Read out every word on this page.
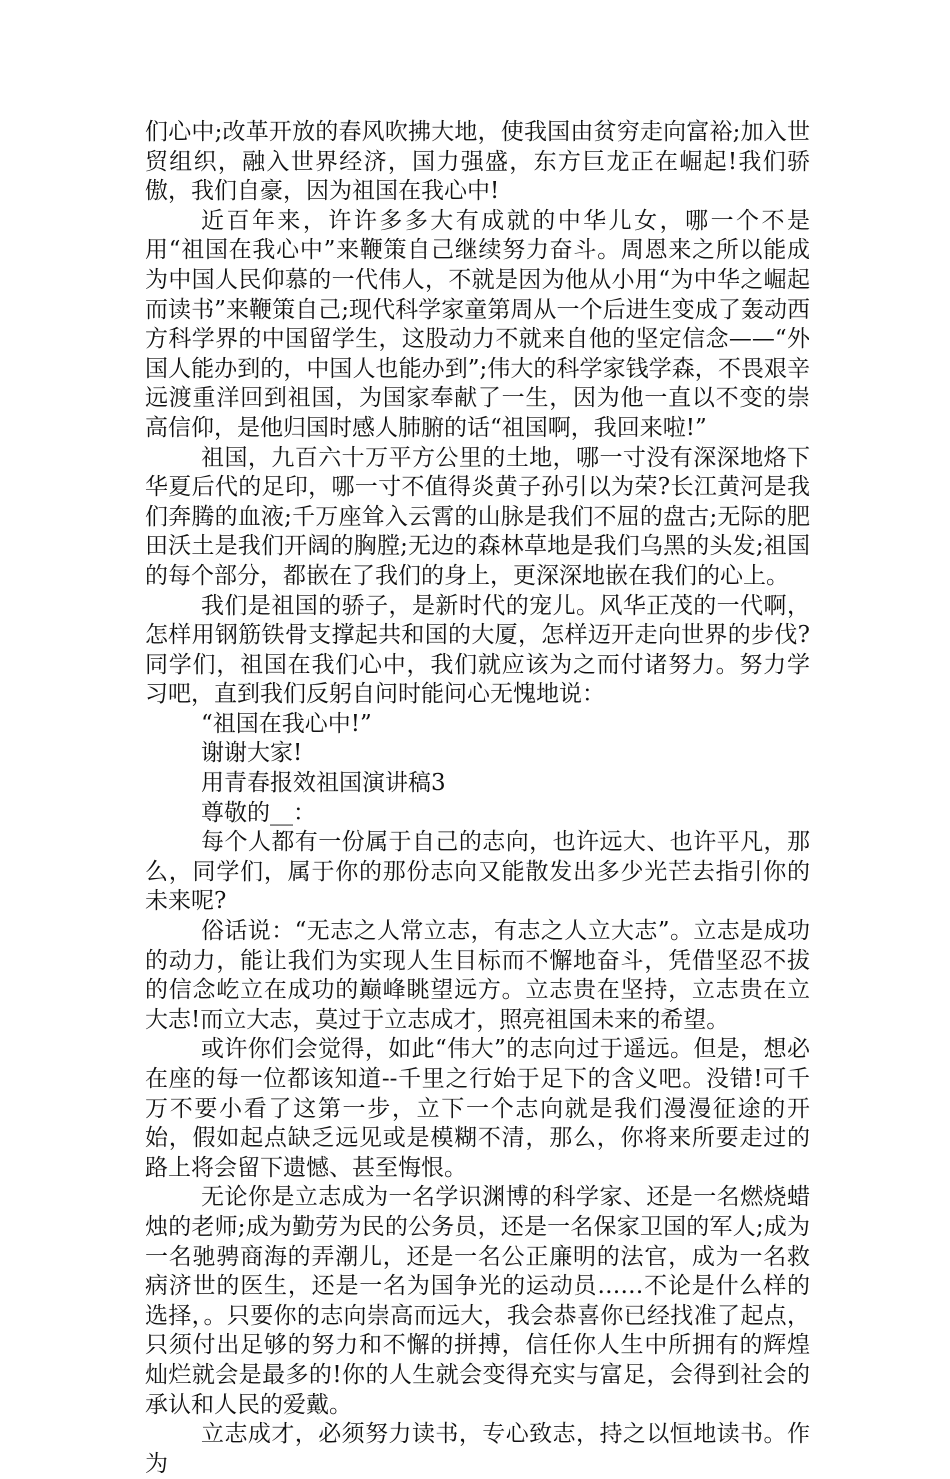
们心中;改革开放的春风吹拂大地，使我国由贫穷走向富裕;加入世贸组织，融入世界经济，国力强盛，东方巨龙正在崛起!我们骄傲，我们自豪，因为祖国在我心中!

近百年来，许许多多大有成就的中华儿女，哪一个不是用“祖国在我心中”来鞭策自己继续努力奋斗。周恩来之所以能成为中国人民仰慕的一代伟人，不就是因为他从小用“为中华之崛起而读书”来鞭策自己;现代科学家童第周从一个后进生变成了轰动西方科学界的中国留学生，这股动力不就来自他的坚定信念——“外国人能办到的，中国人也能办到”;伟大的科学家钱学森，不畏艰辛远渡重洋回到祖国，为国家奉献了一生，因为他一直以不变的崇高信仰，是他归国时感人肺腑的话“祖国啊，我回来啦!”

祖国，九百六十万平方公里的土地，哪一寸没有深深地烙下华夏后代的足印，哪一寸不值得炎黄子孙引以为荣?长江黄河是我们奔腾的血液;千万座耸入云霄的山脉是我们不屈的盘古;无际的肥田沃土是我们开阔的胸膛;无边的森林草地是我们乌黑的头发;祖国的每个部分，都嵌在了我们的身上，更深深地嵌在我们的心上。

我们是祖国的骄子，是新时代的宠儿。风华正茂的一代啊，怎样用钢筋铁骨支撑起共和国的大厦，怎样迈开走向世界的步伐?同学们，祖国在我们心中，我们就应该为之而付诸努力。努力学习吧，直到我们反躬自问时能问心无愧地说：

“祖国在我心中!”

谢谢大家!

用青春报效祖国演讲稿3

尊敬的__：

每个人都有一份属于自己的志向，也许远大、也许平凡，那么，同学们，属于你的那份志向又能散发出多少光芒去指引你的未来呢?

俗话说：“无志之人常立志，有志之人立大志”。立志是成功的动力，能让我们为实现人生目标而不懈地奋斗，凭借坚忍不拔的信念屹立在成功的巅峰眺望远方。立志贵在坚持，立志贵在立大志!而立大志，莫过于立志成才，照亮祖国未来的希望。

或许你们会觉得，如此“伟大”的志向过于遥远。但是，想必在座的每一位都该知道--千里之行始于足下的含义吧。没错!可千万不要小看了这第一步，立下一个志向就是我们漫漫征途的开始，假如起点缺乏远见或是模糊不清，那么，你将来所要走过的路上将会留下遗憾、甚至悔恨。

无论你是立志成为一名学识渊博的科学家、还是一名燃烧蜡烛的老师;成为勤劳为民的公务员，还是一名保家卫国的军人;成为一名驰骋商海的弄潮儿，还是一名公正廉明的法官，成为一名救病济世的医生，还是一名为国争光的运动员……不论是什么样的选择，。只要你的志向崇高而远大，我会恭喜你已经找准了起点，只须付出足够的努力和不懈的拼搏，信任你人生中所拥有的辉煌灿烂就会是最多的!你的人生就会变得充实与富足，会得到社会的承认和人民的爱戴。

立志成才，必须努力读书，专心致志，持之以恒地读书。作为
